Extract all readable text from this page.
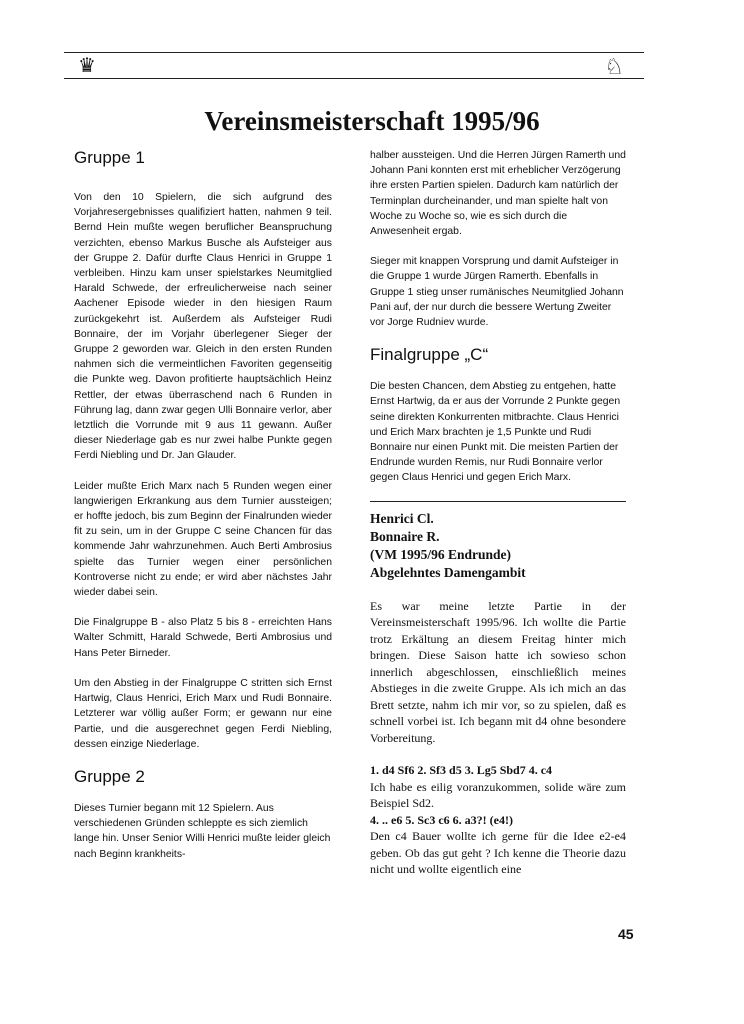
♛	♘
Vereinsmeisterschaft 1995/96
Gruppe 1

Von den 10 Spielern, die sich aufgrund des Vorjahresergebnisses qualifiziert hatten, nahmen 9 teil. Bernd Hein mußte wegen beruflicher Beanspruchung verzichten, ebenso Markus Busche als Aufsteiger aus der Gruppe 2. Dafür durfte Claus Henrici in Gruppe 1 verbleiben. Hinzu kam unser spielstarkes Neumitglied Harald Schwede, der erfreulicherweise nach seiner Aachener Episode wieder in den hiesigen Raum zurückgekehrt ist. Außerdem als Aufsteiger Rudi Bonnaire, der im Vorjahr überlegener Sieger der Gruppe 2 geworden war. Gleich in den ersten Runden nahmen sich die vermeintlichen Favoriten gegenseitig die Punkte weg. Davon profitierte hauptsächlich Heinz Rettler, der etwas überraschend nach 6 Runden in Führung lag, dann zwar gegen Ulli Bonnaire verlor, aber letztlich die Vorrunde mit 9 aus 11 gewann. Außer dieser Niederlage gab es nur zwei halbe Punkte gegen Ferdi Niebling und Dr. Jan Glauder.

Leider mußte Erich Marx nach 5 Runden wegen einer langwierigen Erkrankung aus dem Turnier aussteigen; er hoffte jedoch, bis zum Beginn der Finalrunden wieder fit zu sein, um in der Gruppe C seine Chancen für das kommende Jahr wahrzunehmen. Auch Berti Ambrosius spielte das Turnier wegen einer persönlichen Kontroverse nicht zu ende; er wird aber nächstes Jahr wieder dabei sein.

Die Finalgruppe B - also Platz 5 bis 8 - erreichten Hans Walter Schmitt, Harald Schwede, Berti Ambrosius und Hans Peter Birneder.

Um den Abstieg in der Finalgruppe C stritten sich Ernst Hartwig, Claus Henrici, Erich Marx und Rudi Bonnaire. Letzterer war völlig außer Form; er gewann nur eine Partie, und die ausgerechnet gegen Ferdi Niebling, dessen einzige Niederlage.

Gruppe 2

Dieses Turnier begann mit 12 Spielern. Aus verschiedenen Gründen schleppte es sich ziemlich lange hin. Unser Senior Willi Henrici mußte leider gleich nach Beginn krankheits-

halber aussteigen. Und die Herren Jürgen Ramerth und Johann Pani konnten erst mit erheblicher Verzögerung ihre ersten Partien spielen. Dadurch kam natürlich der Terminplan durcheinander, und man spielte halt von Woche zu Woche so, wie es sich durch die Anwesenheit ergab.

Sieger mit knappen Vorsprung und damit Aufsteiger in die Gruppe 1 wurde Jürgen Ramerth. Ebenfalls in Gruppe 1 stieg unser rumänisches Neumitglied Johann Pani auf, der nur durch die bessere Wertung Zweiter vor Jorge Rudniev wurde.

Finalgruppe „C“

Die besten Chancen, dem Abstieg zu entgehen, hatte Ernst Hartwig, da er aus der Vorrunde 2 Punkte gegen seine direkten Konkurrenten mitbrachte. Claus Henrici und Erich Marx brachten je 1,5 Punkte und Rudi Bonnaire nur einen Punkt mit. Die meisten Partien der Endrunde wurden Remis, nur Rudi Bonnaire verlor gegen Claus Henrici und gegen Erich Marx.

Henrici Cl.
Bonnaire R.
(VM 1995/96 Endrunde)
Abgelehntes Damengambit

Es war meine letzte Partie in der Vereinsmeisterschaft 1995/96. Ich wollte die Partie trotz Erkältung an diesem Freitag hinter mich bringen. Diese Saison hatte ich sowieso schon innerlich abgeschlossen, einschließlich meines Abstieges in die zweite Gruppe. Als ich mich an das Brett setzte, nahm ich mir vor, so zu spielen, daß es schnell vorbei ist. Ich begann mit d4 ohne besondere Vorbereitung.

1. d4 Sf6 2. Sf3 d5 3. Lg5 Sbd7 4. c4

Ich habe es eilig voranzukommen, solide wäre zum Beispiel Sd2.

4. .. e6 5. Sc3 c6 6. a3?! (e4!)

Den c4 Bauer wollte ich gerne für die Idee e2-e4 geben. Ob das gut geht ? Ich kenne die Theorie dazu nicht und wollte eigentlich eine

45
